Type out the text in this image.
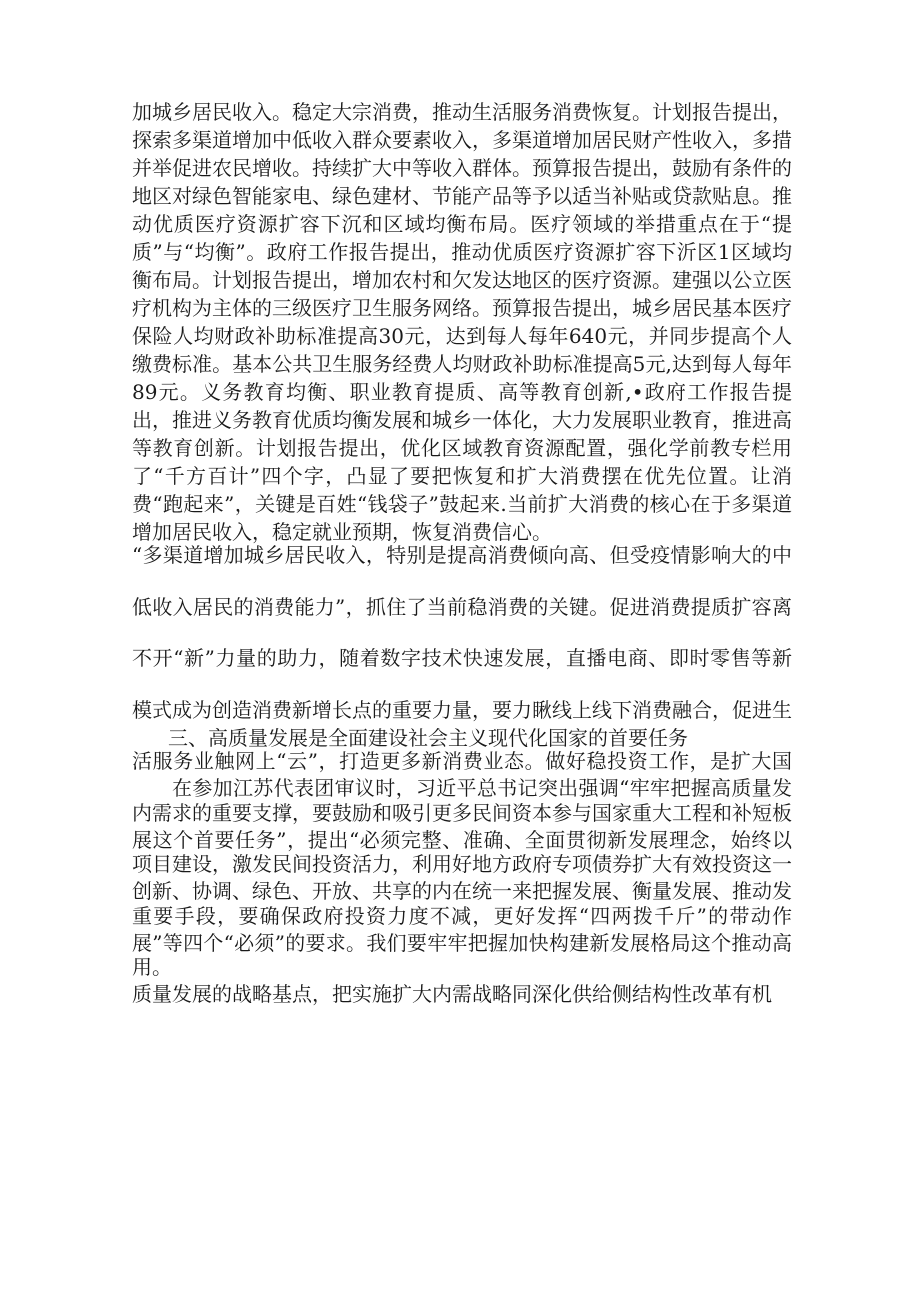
加城乡居民收入。稳定大宗消费，推动生活服务消费恢复。计划报告提出，探索多渠道增加中低收入群众要素收入，多渠道增加居民财产性收入，多措并举促进农民增收。持续扩大中等收入群体。预算报告提出，鼓励有条件的地区对绿色智能家电、绿色建材、节能产品等予以适当补贴或贷款贴息。推动优质医疗资源扩容下沉和区域均衡布局。医疗领域的举措重点在于“提质”与“均衡”。政府工作报告提出，推动优质医疗资源扩容下沂区1区域均衡布局。计划报告提出，增加农村和欠发达地区的医疗资源。建强以公立医疗机构为主体的三级医疗卫生服务网络。预算报告提出，城乡居民基本医疗保险人均财政补助标准提高30元，达到每人每年640元，并同步提高个人缴费标准。基本公共卫生服务经费人均财政补助标准提高5元,达到每人每年89元。义务教育均衡、职业教育提质、高等教育创新,•政府工作报告提出，推进义务教育优质均衡发展和城乡一体化，大力发展职业教育，推进高等教育创新。计划报告提出，优化区域教育资源配置，强化学前教专栏用了“千方百计”四个字，凸显了要把恢复和扩大消费摆在优先位置。让消费“跑起来”，关键是百姓“钱袋子”鼓起来.当前扩大消费的核心在于多渠道增加居民收入，稳定就业预期，恢复消费信心。

“多渠道增加城乡居民收入，特别是提高消费倾向高、但受疫情影响大的中低收入居民的消费能力”，抓住了当前稳消费的关键。促进消费提质扩容离不开“新”力量的助力，随着数字技术快速发展，直播电商、即时零售等新模式成为创造消费新增长点的重要力量，要力瞅线上线下消费融合，促进生活服务业触网上“云”，打造更多新消费业态。做好稳投资工作，是扩大国内需求的重要支撑，要鼓励和吸引更多民间资本参与国家重大工程和补短板项目建设，激发民间投资活力，利用好地方政府专项债券扩大有效投资这一重要手段，要确保政府投资力度不减，更好发挥“四两拨千斤”的带动作用。

三、高质量发展是全面建设社会主义现代化国家的首要任务

在参加江苏代表团审议时，习近平总书记突出强调“牢牢把握高质量发展这个首要任务”，提出“必须完整、准确、全面贯彻新发展理念，始终以创新、协调、绿色、开放、共享的内在统一来把握发展、衡量发展、推动发展”等四个“必须”的要求。我们要牢牢把握加快构建新发展格局这个推动高质量发展的战略基点，把实施扩大内需战略同深化供给侧结构性改革有机
